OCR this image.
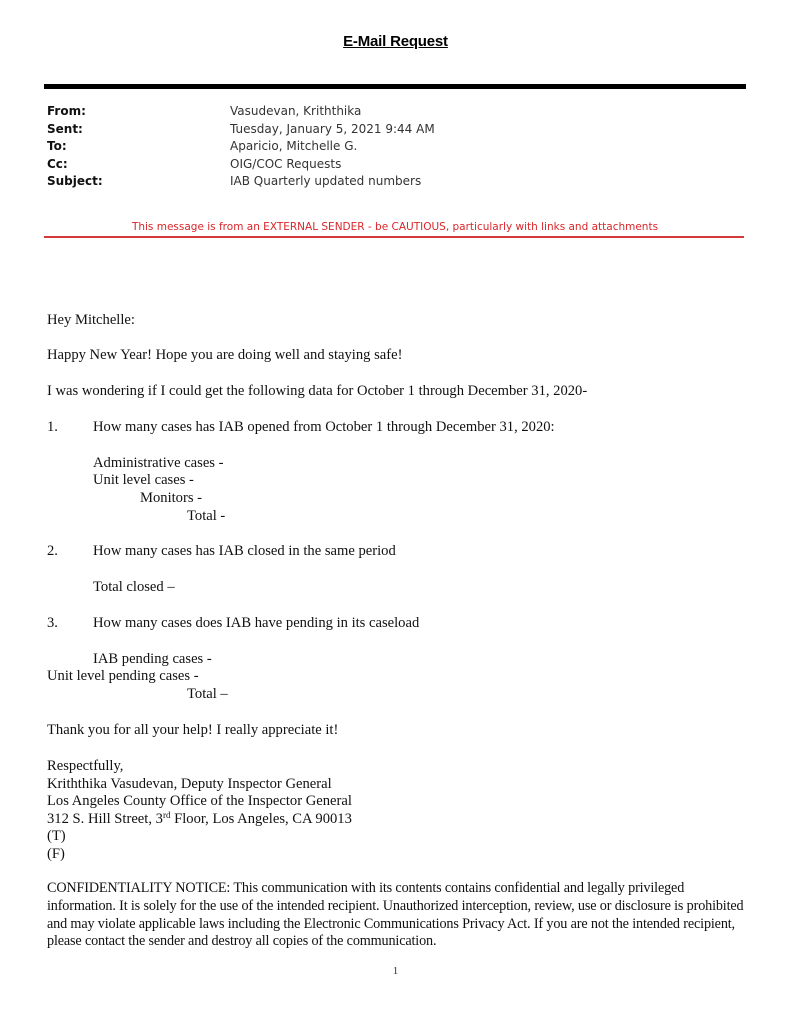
E-Mail Request
From:	Vasudevan, Kriththika
Sent:	Tuesday, January 5, 2021 9:44 AM
To:	Aparicio, Mitchelle G.
Cc:	OIG/COC Requests
Subject:	IAB Quarterly updated numbers
This message is from an EXTERNAL SENDER - be CAUTIOUS, particularly with links and attachments
Hey Mitchelle:
Happy New Year! Hope you are doing well and staying safe!
I was wondering if I could get the following data for October 1 through December 31, 2020-
1. How many cases has IAB opened from October 1 through December 31, 2020:
Administrative cases -
Unit level cases -
Monitors -
Total -
2. How many cases has IAB closed in the same period
Total closed –
3. How many cases does IAB have pending in its caseload
IAB pending cases -
Unit level pending cases -
Total –
Thank you for all your help! I really appreciate it!
Respectfully,
Kriththika Vasudevan, Deputy Inspector General
Los Angeles County Office of the Inspector General
312 S. Hill Street, 3rd Floor, Los Angeles, CA 90013
(T)
(F)
CONFIDENTIALITY NOTICE: This communication with its contents contains confidential and legally privileged information. It is solely for the use of the intended recipient. Unauthorized interception, review, use or disclosure is prohibited and may violate applicable laws including the Electronic Communications Privacy Act. If you are not the intended recipient, please contact the sender and destroy all copies of the communication.
1
